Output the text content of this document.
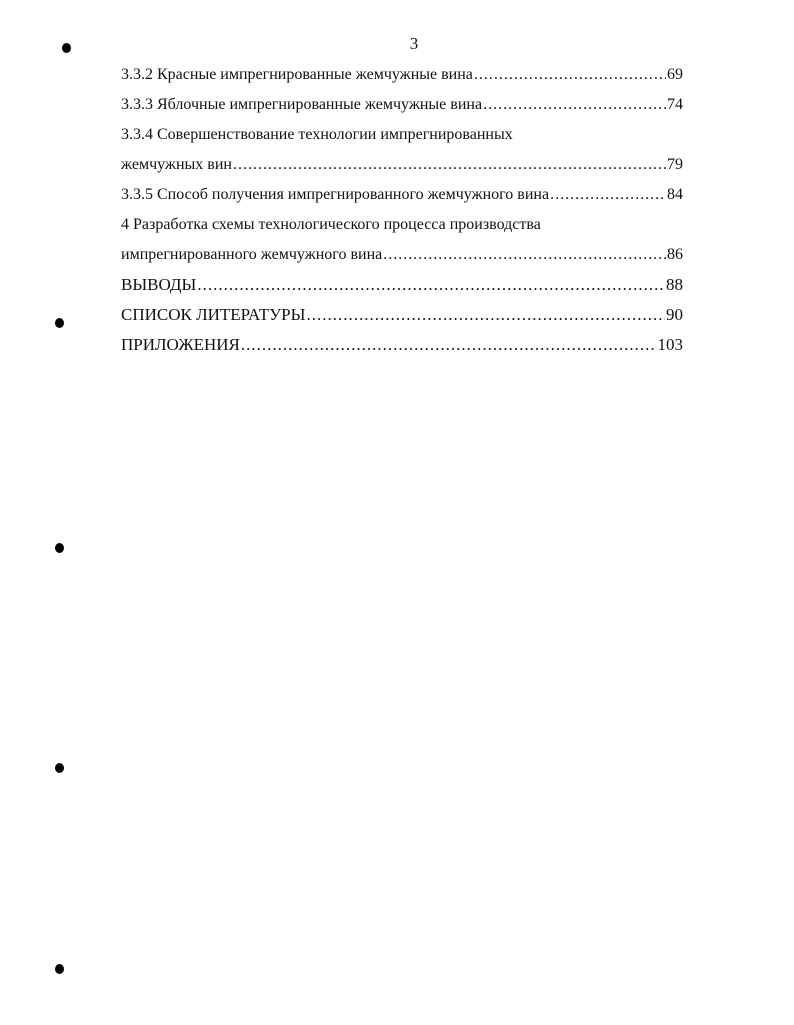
3
3.3.2 Красные импрегнированные жемчужные вина .....	69
3.3.3 Яблочные импрегнированные жемчужные вина .....	74
3.3.4 Совершенствование технологии импрегнированных
жемчужных вин .....	79
3.3.5 Способ получения импрегнированного жемчужного вина .....	84
4 Разработка схемы технологического процесса производства
импрегнированного жемчужного вина .....	86
ВЫВОДЫ .....	88
СПИСОК ЛИТЕРАТУРЫ .....	90
ПРИЛОЖЕНИЯ .....	103
